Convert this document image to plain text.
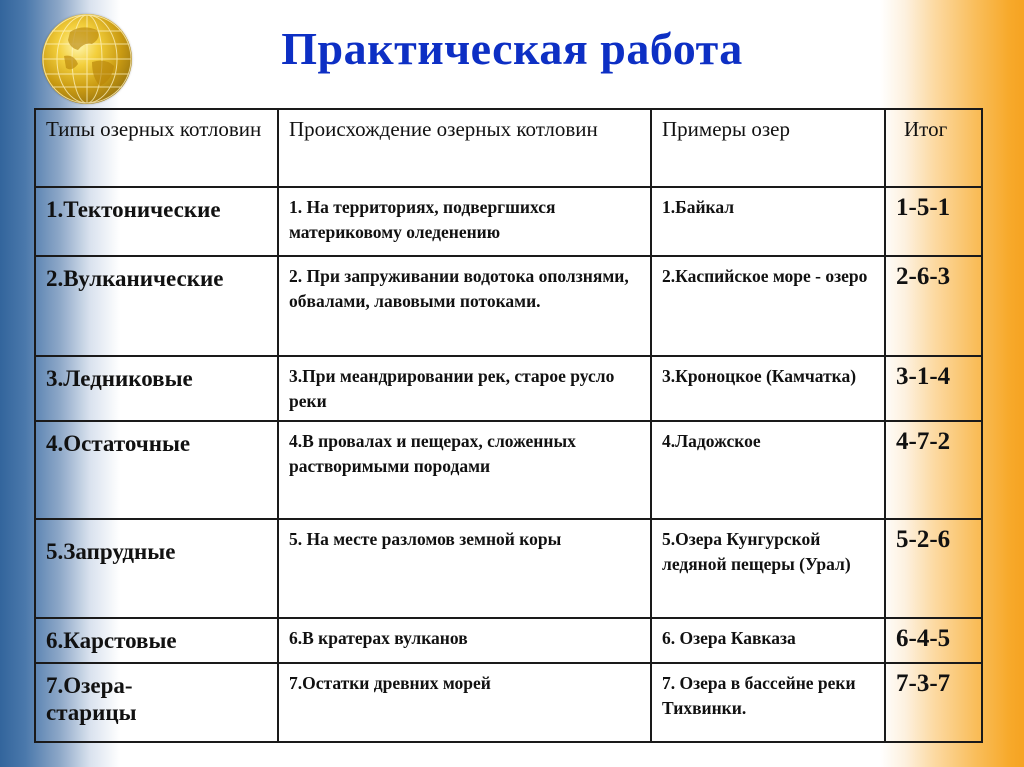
Практическая работа
Типы озерных котловин	Происхождение озерных котловин	Примеры озер	Итог
1.Тектонические	1. На территориях, подвергшихся материковому оледенению	1.Байкал	1-5-1
2.Вулканические	2. При запруживании водотока оползнями, обвалами, лавовыми потоками.	2.Каспийское море - озеро	2-6-3
3.Ледниковые	3.При меандрировании рек, старое русло реки	3.Кроноцкое (Камчатка)	3-1-4
4.Остаточные	4.В провалах и пещерах, сложенных растворимыми породами	4.Ладожское	4-7-2
5.Запрудные	5. На месте разломов земной коры	5.Озера Кунгурской ледяной пещеры (Урал)	5-2-6
6.Карстовые	6.В кратерах вулканов	6. Озера Кавказа	6-4-5
7.Озера-старицы	7.Остатки древних морей	7. Озера в бассейне реки Тихвинки.	7-3-7
